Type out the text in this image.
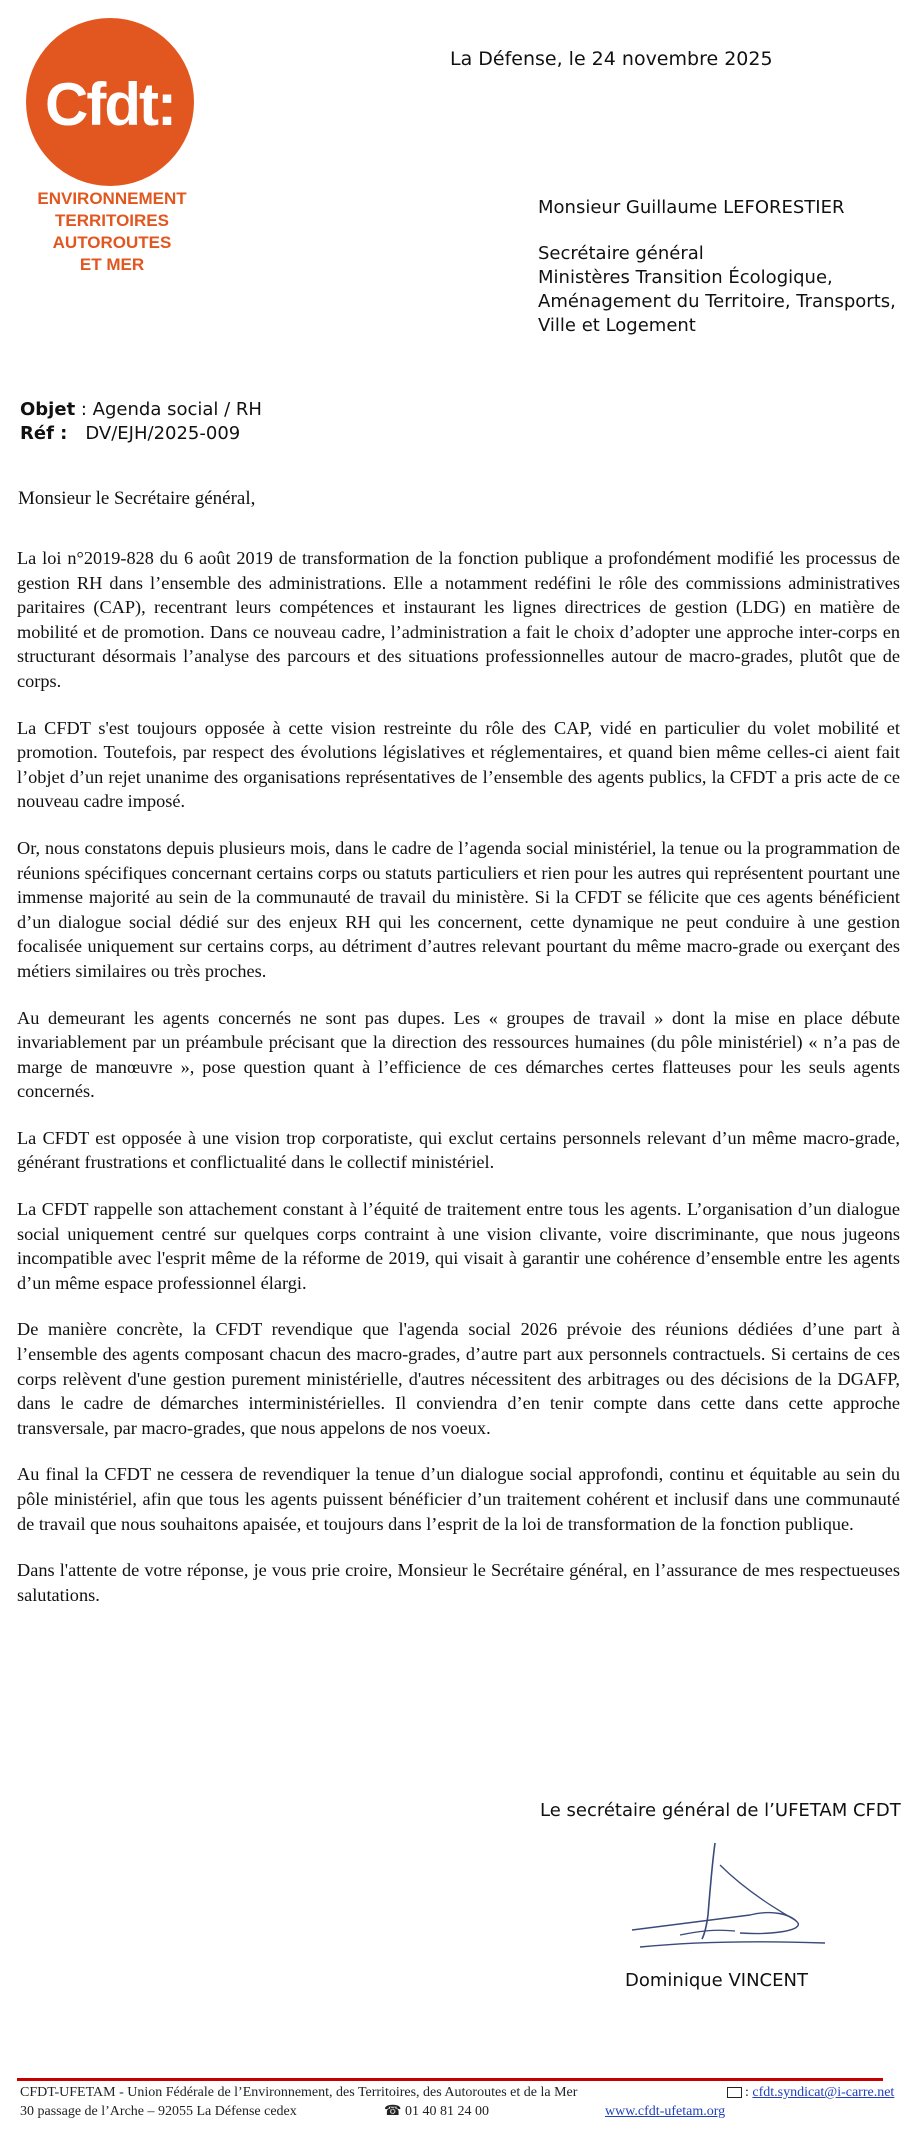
Cfdt:
ENVIRONNEMENT
TERRITOIRES
AUTOROUTES
ET MER
La Défense, le 24 novembre 2025
Monsieur Guillaume LEFORESTIER
Secrétaire général
Ministères Transition Écologique,
Aménagement du Territoire, Transports,
Ville et Logement
Objet : Agenda social / RH
Réf : DV/EJH/2025-009
Monsieur le Secrétaire général,

La loi n°2019-828 du 6 août 2019 de transformation de la fonction publique a profondément modifié les processus de gestion RH dans l’ensemble des administrations. Elle a notamment redéfini le rôle des commissions administratives paritaires (CAP), recentrant leurs compétences et instaurant les lignes directrices de gestion (LDG) en matière de mobilité et de promotion. Dans ce nouveau cadre, l’administration a fait le choix d’adopter une approche inter-corps en structurant désormais l’analyse des parcours et des situations professionnelles autour de macro-grades, plutôt que de corps.

La CFDT s'est toujours opposée à cette vision restreinte du rôle des CAP, vidé en particulier du volet mobilité et promotion. Toutefois, par respect des évolutions législatives et réglementaires, et quand bien même celles-ci aient fait l’objet d’un rejet unanime des organisations représentatives de l’ensemble des agents publics, la CFDT a pris acte de ce nouveau cadre imposé.

Or, nous constatons depuis plusieurs mois, dans le cadre de l’agenda social ministériel, la tenue ou la programmation de réunions spécifiques concernant certains corps ou statuts particuliers et rien pour les autres qui représentent pourtant une immense majorité au sein de la communauté de travail du ministère. Si la CFDT se félicite que ces agents bénéficient d’un dialogue social dédié sur des enjeux RH qui les concernent, cette dynamique ne peut conduire à une gestion focalisée uniquement sur certains corps, au détriment d’autres relevant pourtant du même macro-grade ou exerçant des métiers similaires ou très proches.

Au demeurant les agents concernés ne sont pas dupes. Les « groupes de travail » dont la mise en place débute invariablement par un préambule précisant que la direction des ressources humaines (du pôle ministériel) « n’a pas de marge de manœuvre », pose question quant à l’efficience de ces démarches certes flatteuses pour les seuls agents concernés.

La CFDT est opposée à une vision trop corporatiste, qui exclut certains personnels relevant d’un même macro-grade, générant frustrations et conflictualité dans le collectif ministériel.

La CFDT rappelle son attachement constant à l’équité de traitement entre tous les agents. L’organisation d’un dialogue social uniquement centré sur quelques corps contraint à une vision clivante, voire discriminante, que nous jugeons incompatible avec l'esprit même de la réforme de 2019, qui visait à garantir une cohérence d’ensemble entre les agents d’un même espace professionnel élargi.

De manière concrète, la CFDT revendique que l'agenda social 2026 prévoie des réunions dédiées d’une part à l’ensemble des agents composant chacun des macro-grades, d’autre part aux personnels contractuels. Si certains de ces corps relèvent d'une gestion purement ministérielle, d'autres nécessitent des arbitrages ou des décisions de la DGAFP, dans le cadre de démarches interministérielles. Il conviendra d’en tenir compte dans cette dans cette approche transversale, par macro-grades, que nous appelons de nos voeux.

Au final la CFDT ne cessera de revendiquer la tenue d’un dialogue social approfondi, continu et équitable au sein du pôle ministériel, afin que tous les agents puissent bénéficier d’un traitement cohérent et inclusif dans une communauté de travail que nous souhaitons apaisée, et toujours dans l’esprit de la loi de transformation de la fonction publique.

Dans l'attente de votre réponse, je vous prie croire, Monsieur le Secrétaire général, en l’assurance de mes respectueuses salutations.

Le secrétaire général de l’UFETAM CFDT
Dominique VINCENT
CFDT-UFETAM - Union Fédérale de l’Environnement, des Territoires, des Autoroutes et de la Mer	: cfdt.syndicat@i-carre.net
30 passage de l’Arche – 92055 La Défense cedex	☎ 01 40 81 24 00	www.cfdt-ufetam.org
